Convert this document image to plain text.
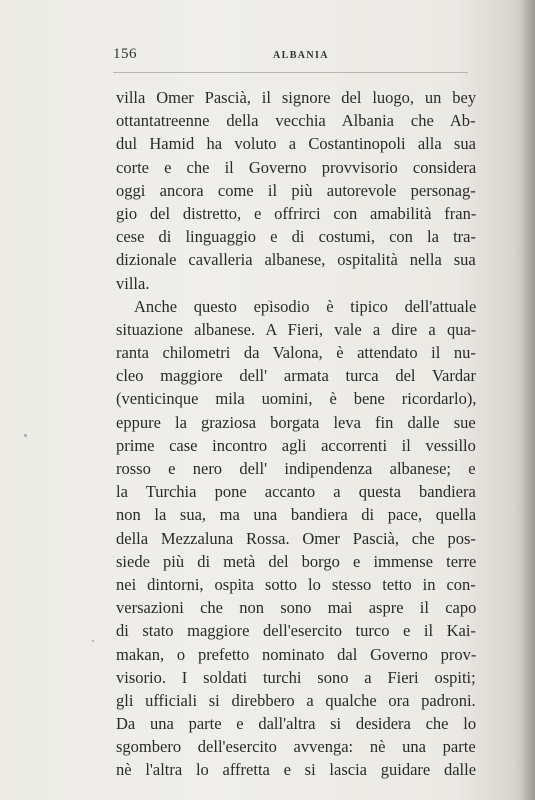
156	ALBANIA
villa Omer Pascià, il signore del luogo, un bey
ottantatreenne della vecchia Albania che Ab-
dul Hamid ha voluto a Costantinopoli alla sua
corte e che il Governo provvisorio considera
oggi ancora come il più autorevole personag-
gio del distretto, e offrirci con amabilità fran-
cese di linguaggio e di costumi, con la tra-
dizionale cavalleria albanese, ospitalità nella sua
villa.
Anche questo episodio è tipico dell'attuale
situazione albanese. A Fieri, vale a dire a qua-
ranta chilometri da Valona, è attendato il nu-
cleo maggiore dell' armata turca del Vardar
(venticinque mila uomini, è bene ricordarlo),
eppure la graziosa borgata leva fin dalle sue
prime case incontro agli accorrenti il vessillo
rosso e nero dell' indipendenza albanese; e
la Turchia pone accanto a questa bandiera
non la sua, ma una bandiera di pace, quella
della Mezzaluna Rossa. Omer Pascià, che pos-
siede più di metà del borgo e immense terre
nei dintorni, ospita sotto lo stesso tetto in con-
versazioni che non sono mai aspre il capo
di stato maggiore dell'esercito turco e il Kai-
makan, o prefetto nominato dal Governo prov-
visorio. I soldati turchi sono a Fieri ospiti;
gli ufficiali si direbbero a qualche ora padroni.
Da una parte e dall'altra si desidera che lo
sgombero dell'esercito avvenga: nè una parte
nè l'altra lo affretta e si lascia guidare dalle
